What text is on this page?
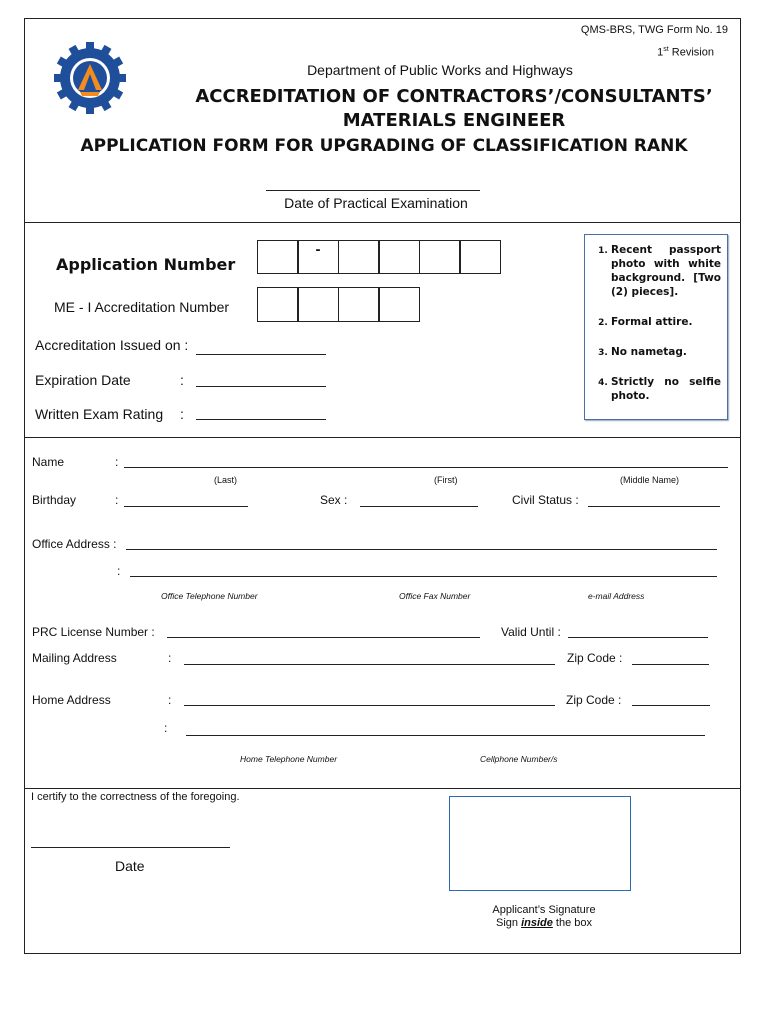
QMS-BRS, TWG Form No. 19
1st Revision
Department of Public Works and Highways
ACCREDITATION OF CONTRACTORS’/CONSULTANTS’
MATERIALS ENGINEER
APPLICATION FORM FOR UPGRADING OF CLASSIFICATION RANK
Date of Practical Examination
Application Number
-
ME - I Accreditation Number
Accreditation Issued on :
Expiration Date	:
Written Exam Rating :
1. Recent passport photo with white background. [Two (2) pieces].
2. Formal attire.
3. No nametag.
4. Strictly no selfie photo.
Name	:
(Last)	(First)	(Middle Name)
Birthday	:	Sex :	Civil Status :
Office Address :
:
Office Telephone Number	Office Fax Number	e-mail Address
PRC License Number :	Valid Until :
Mailing Address	:	Zip Code :
Home Address	:	Zip Code :
:
Home Telephone Number	Cellphone Number/s
I certify to the correctness of the foregoing.
Date
Applicant’s Signature
Sign inside the box
